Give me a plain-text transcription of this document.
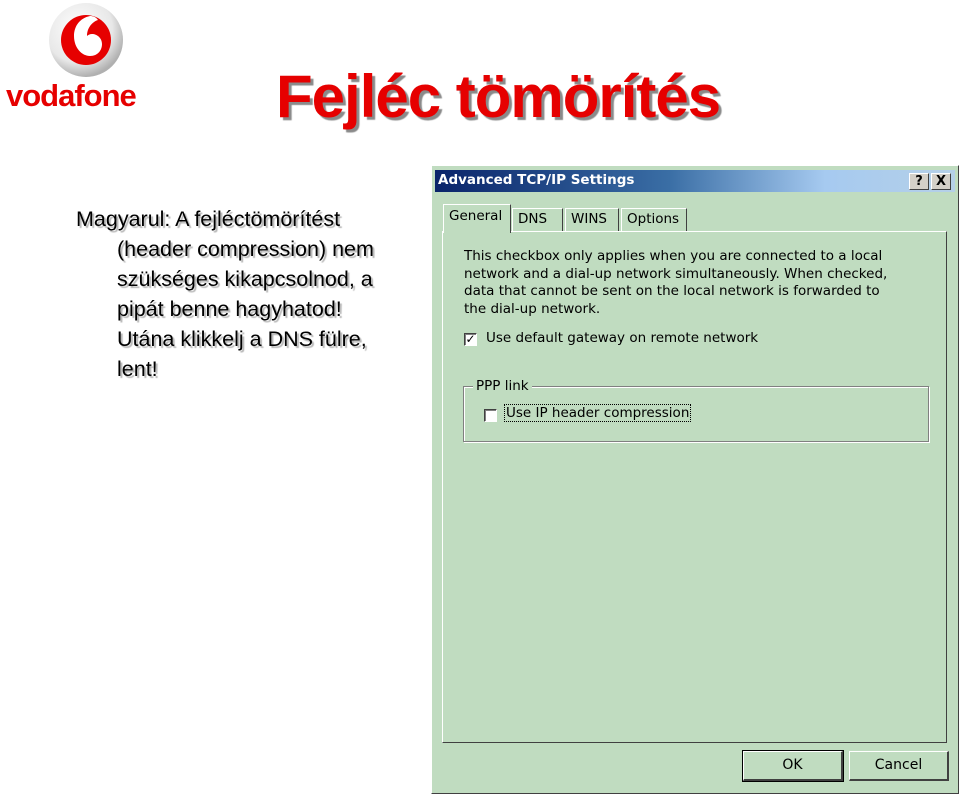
vodafone	Fejléc tömörítés
Magyarul: A fejléctömörítést
(header compression) nem
szükséges kikapcsolnod, a
pipát benne hagyhatod!
Utána klikkelj a DNS fülre,
lent!
Advanced TCP/IP Settings	?	X
General	DNS	WINS	Options
This checkbox only applies when you are connected to a local network and a dial-up network simultaneously. When checked, data that cannot be sent on the local network is forwarded to the dial-up network.
✓ Use default gateway on remote network
PPP link
Use IP header compression
OK	Cancel
